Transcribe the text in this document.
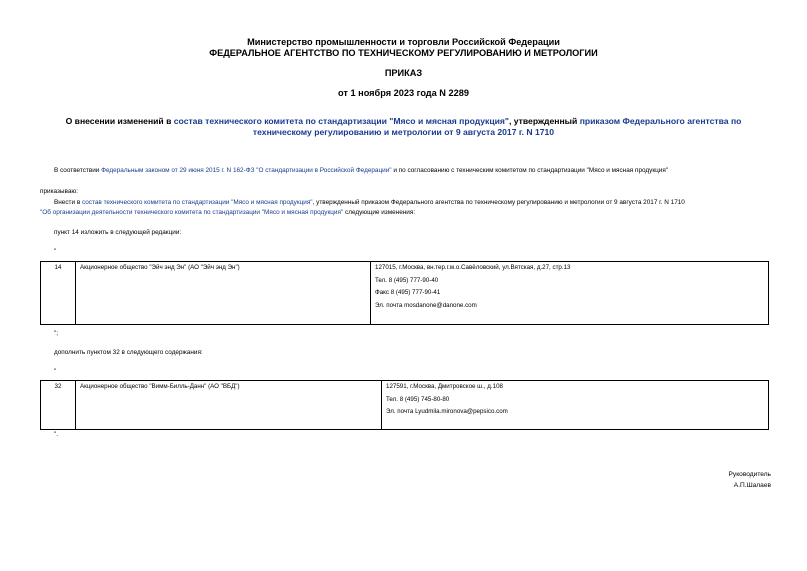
Министерство промышленности и торговли Российской Федерации
ФЕДЕРАЛЬНОЕ АГЕНТСТВО ПО ТЕХНИЧЕСКОМУ РЕГУЛИРОВАНИЮ И МЕТРОЛОГИИ
ПРИКАЗ
от 1 ноября 2023 года N 2289
О внесении изменений в состав технического комитета по стандартизации "Мясо и мясная продукция", утвержденный приказом Федерального агентства по
техническому регулированию и метрологии от 9 августа 2017 г. N 1710
В соответствии Федеральным законом от 29 июня 2015 г. N 162-ФЗ "О стандартизации в Российской Федерации" и по согласованию с техническим комитетом по стандартизации "Мясо и мясная продукция"
приказываю:
Внести в состав технического комитета по стандартизации "Мясо и мясная продукция", утвержденный приказом Федерального агентства по техническому регулированию и метрологии от 9 августа 2017 г. N 1710
"Об организации деятельности технического комитета по стандартизации "Мясо и мясная продукция" следующие изменения:
пункт 14 изложить в следующей редакции:
"
14	Акционерное общество "Эйч энд Эн" (АО "Эйч энд Эн")	127015, г.Москва, вн.тер.г.м.о.Савёловский, ул.Вятская, д.27, стр.13
Тел. 8 (495) 777-90-40
Факс 8 (495) 777-90-41
Эл. почта mosdanone@danone.com
";
дополнить пунктом 32 в следующего содержания:
"
32	Акционерное общество "Вимм-Билль-Данн" (АО "ВБД")	127591, г.Москва, Дмитровское ш., д.108
Тел. 8 (495) 745-80-80
Эл. почта Lyudmila.mironova@pepsico.com
".
Руководитель
А.П.Шалаев
